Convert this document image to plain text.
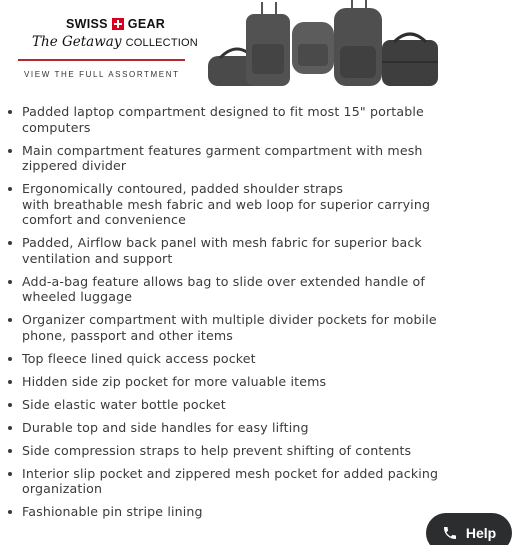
SWISS GEAR
The Getaway COLLECTION
VIEW THE FULL ASSORTMENT
Padded laptop compartment designed to fit most 15" portable
computers
Main compartment features garment compartment with mesh
zippered divider
Ergonomically contoured, padded shoulder straps
with breathable mesh fabric and web loop for superior carrying
comfort and convenience
Padded, Airflow back panel with mesh fabric for superior back
ventilation and support
Add-a-bag feature allows bag to slide over extended handle of
wheeled luggage
Organizer compartment with multiple divider pockets for mobile
phone, passport and other items
Top fleece lined quick access pocket
Hidden side zip pocket for more valuable items
Side elastic water bottle pocket
Durable top and side handles for easy lifting
Side compression straps to help prevent shifting of contents
Interior slip pocket and zippered mesh pocket for added packing
organization
Fashionable pin stripe lining
Help
